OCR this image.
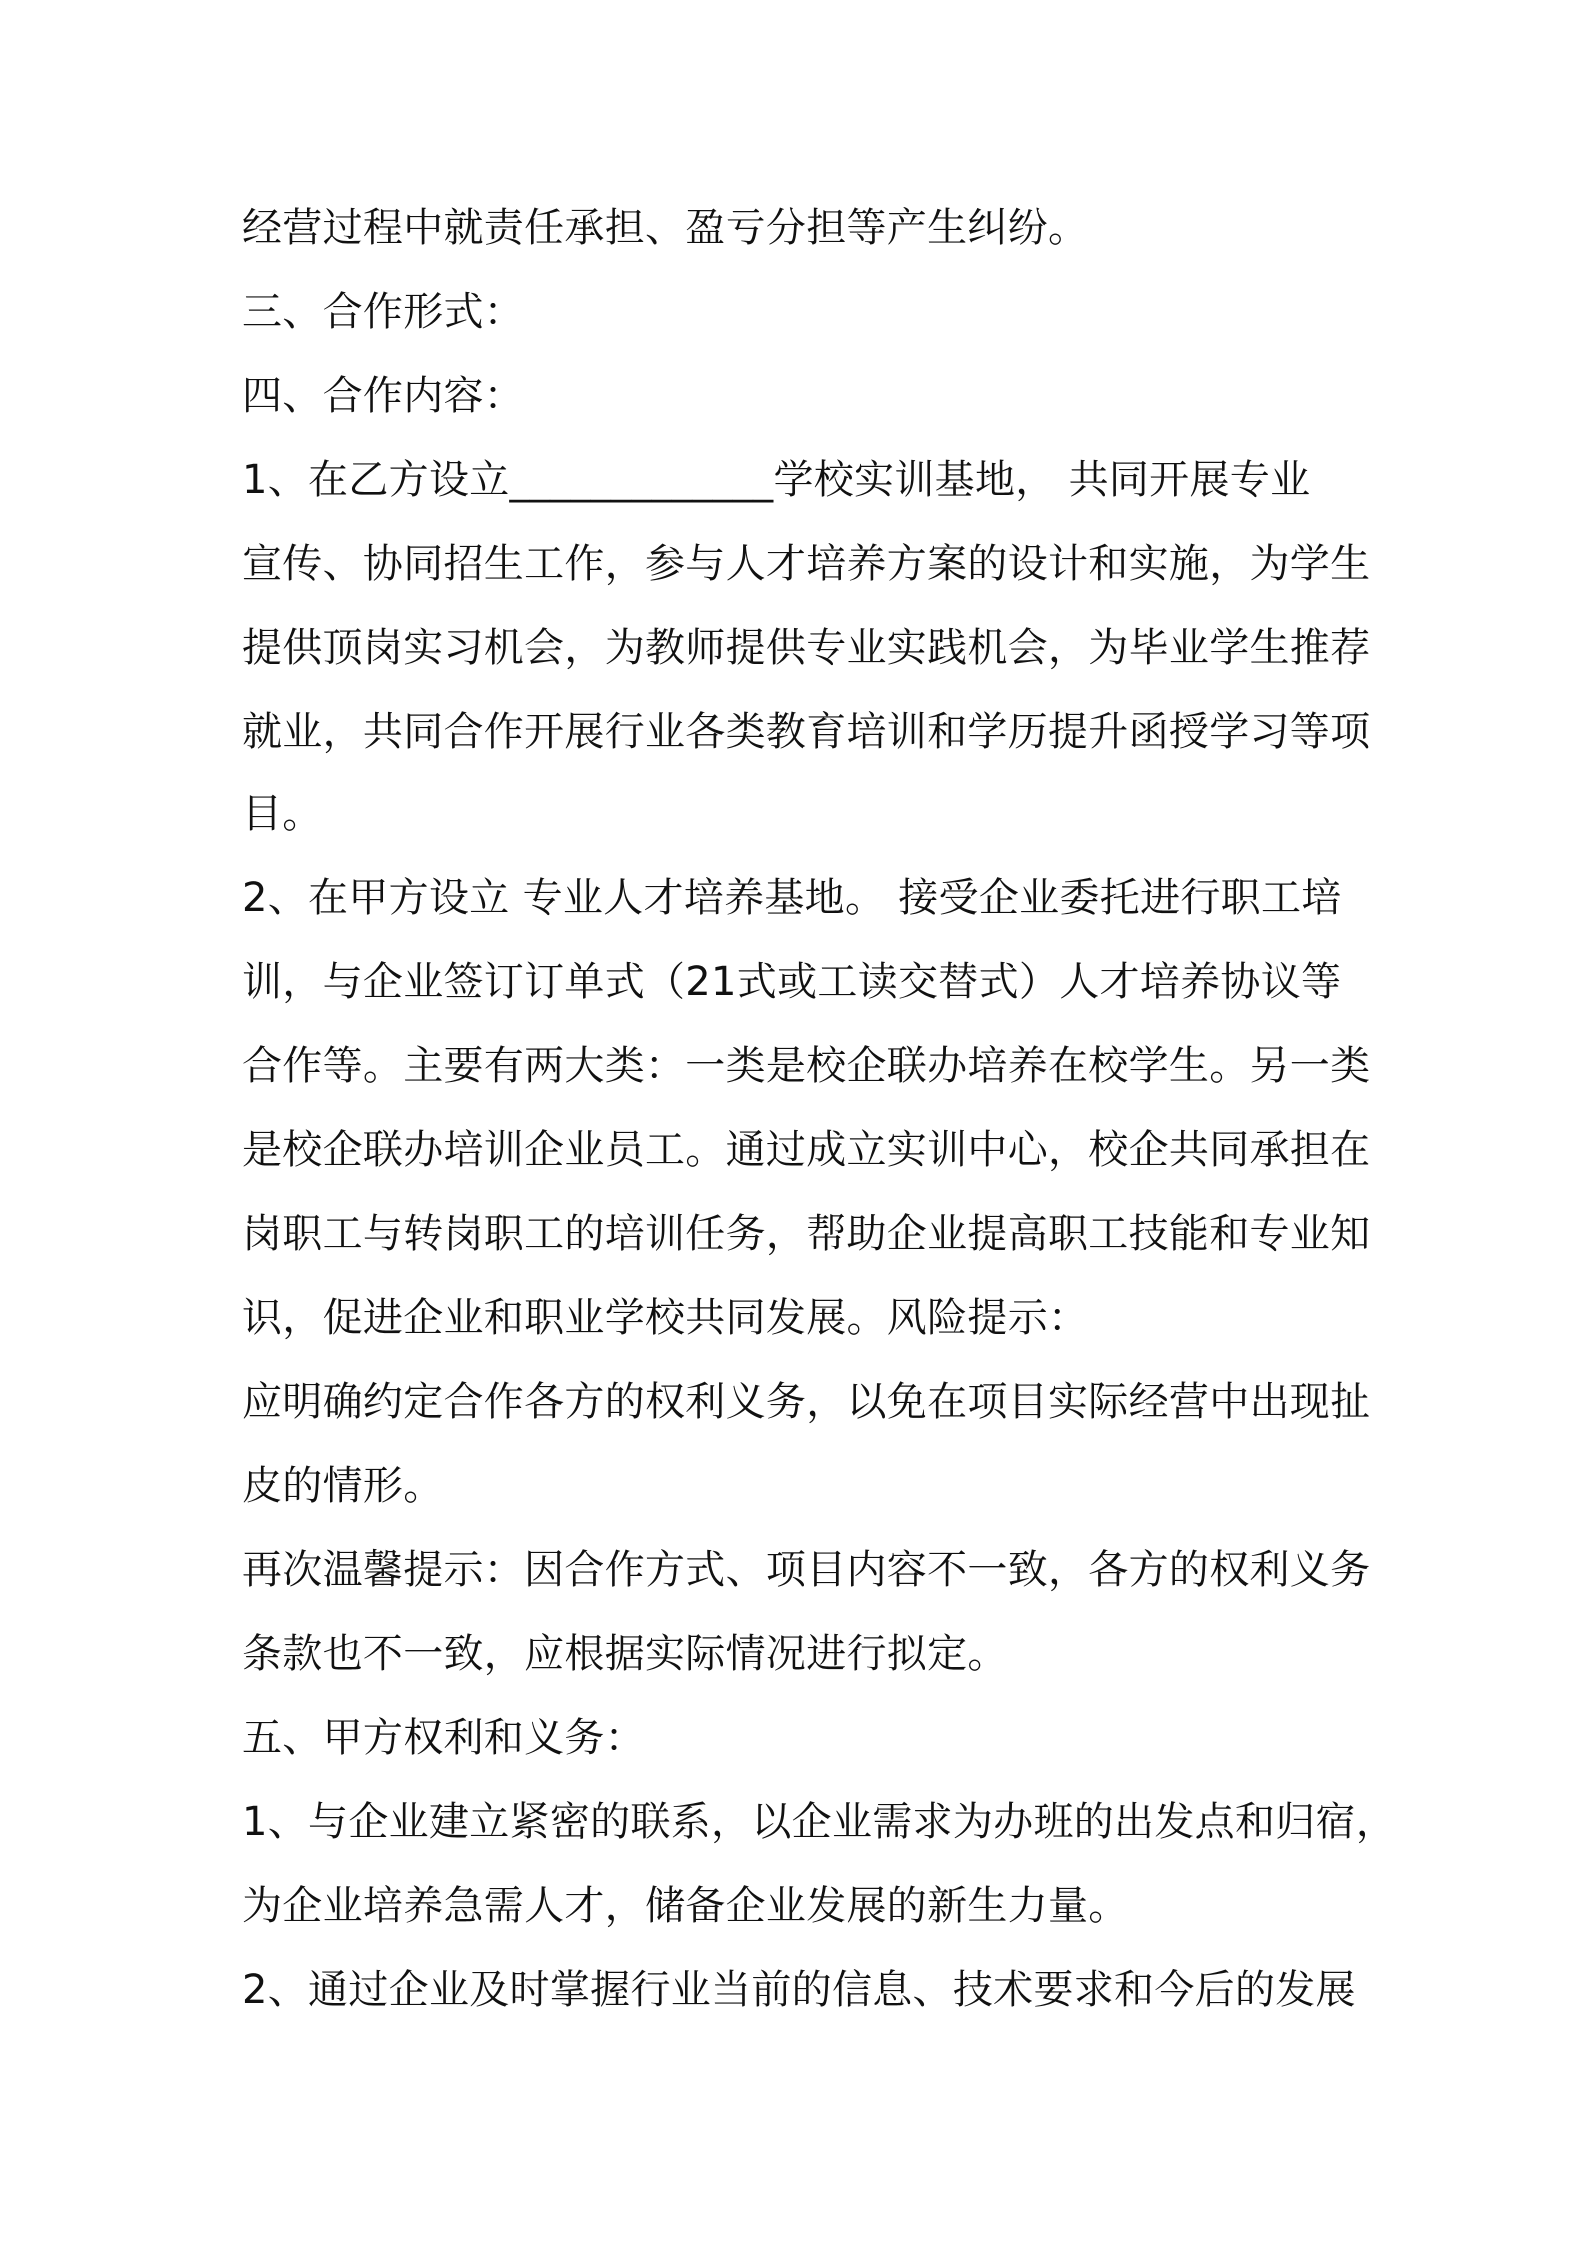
经营过程中就责任承担、盈亏分担等产生纠纷。

三、合作形式：

四、合作内容：

1、在乙方设立_____________学校实训基地， 共同开展专业

宣传、协同招生工作，参与人才培养方案的设计和实施，为学生

提供顶岗实习机会，为教师提供专业实践机会，为毕业学生推荐

就业，共同合作开展行业各类教育培训和学历提升函授学习等项

目。

2、在甲方设立 专业人才培养基地。 接受企业委托进行职工培

训，与企业签订订单式（21式或工读交替式）人才培养协议等

合作等。主要有两大类：一类是校企联办培养在校学生。另一类

是校企联办培训企业员工。通过成立实训中心，校企共同承担在

岗职工与转岗职工的培训任务，帮助企业提高职工技能和专业知

识，促进企业和职业学校共同发展。风险提示：

应明确约定合作各方的权利义务，以免在项目实际经营中出现扯

皮的情形。

再次温馨提示：因合作方式、项目内容不一致，各方的权利义务

条款也不一致，应根据实际情况进行拟定。

五、甲方权利和义务：

1、与企业建立紧密的联系，以企业需求为办班的出发点和归宿，

为企业培养急需人才，储备企业发展的新生力量。

2、通过企业及时掌握行业当前的信息、技术要求和今后的发展
